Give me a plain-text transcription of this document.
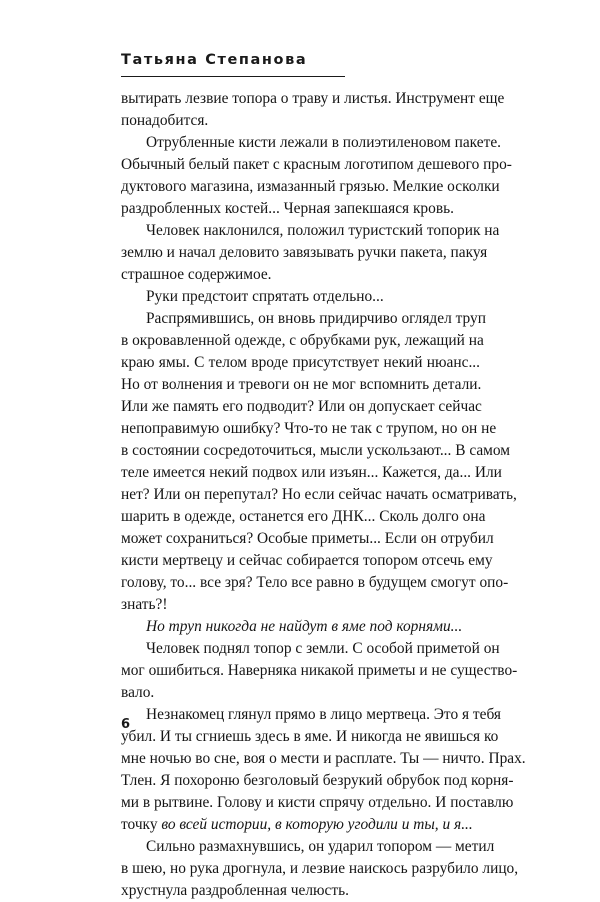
Татьяна Степанова
вытирать лезвие топора о траву и листья. Инструмент еще
понадобится.
Отрубленные кисти лежали в полиэтиленовом пакете.
Обычный белый пакет с красным логотипом дешевого про-
дуктового магазина, измазанный грязью. Мелкие осколки
раздробленных костей... Черная запекшаяся кровь.
Человек наклонился, положил туристский топорик на
землю и начал деловито завязывать ручки пакета, пакуя
страшное содержимое.
Руки предстоит спрятать отдельно...
Распрямившись, он вновь придирчиво оглядел труп
в окровавленной одежде, с обрубками рук, лежащий на
краю ямы. С телом вроде присутствует некий нюанс...
Но от волнения и тревоги он не мог вспомнить детали.
Или же память его подводит? Или он допускает сейчас
непоправимую ошибку? Что-то не так с трупом, но он не
в состоянии сосредоточиться, мысли ускользают... В самом
теле имеется некий подвох или изъян... Кажется, да... Или
нет? Или он перепутал? Но если сейчас начать осматривать,
шарить в одежде, останется его ДНК... Сколь долго она
может сохраниться? Особые приметы... Если он отрубил
кисти мертвецу и сейчас собирается топором отсечь ему
голову, то... все зря? Тело все равно в будущем смогут опо-
знать?!
Но труп никогда не найдут в яме под корнями...
Человек поднял топор с земли. С особой приметой он
мог ошибиться. Наверняка никакой приметы и не существо-
вало.
Незнакомец глянул прямо в лицо мертвеца. Это я тебя
убил. И ты сгниешь здесь в яме. И никогда не явишься ко
мне ночью во сне, воя о мести и расплате. Ты — ничто. Прах.
Тлен. Я похороню безголовый безрукий обрубок под корня-
ми в рытвине. Голову и кисти спрячу отдельно. И поставлю
точку во всей истории, в которую угодили и ты, и я...
Сильно размахнувшись, он ударил топором — метил
в шею, но рука дрогнула, и лезвие наискось разрубило лицо,
хрустнула раздробленная челюсть.
6
